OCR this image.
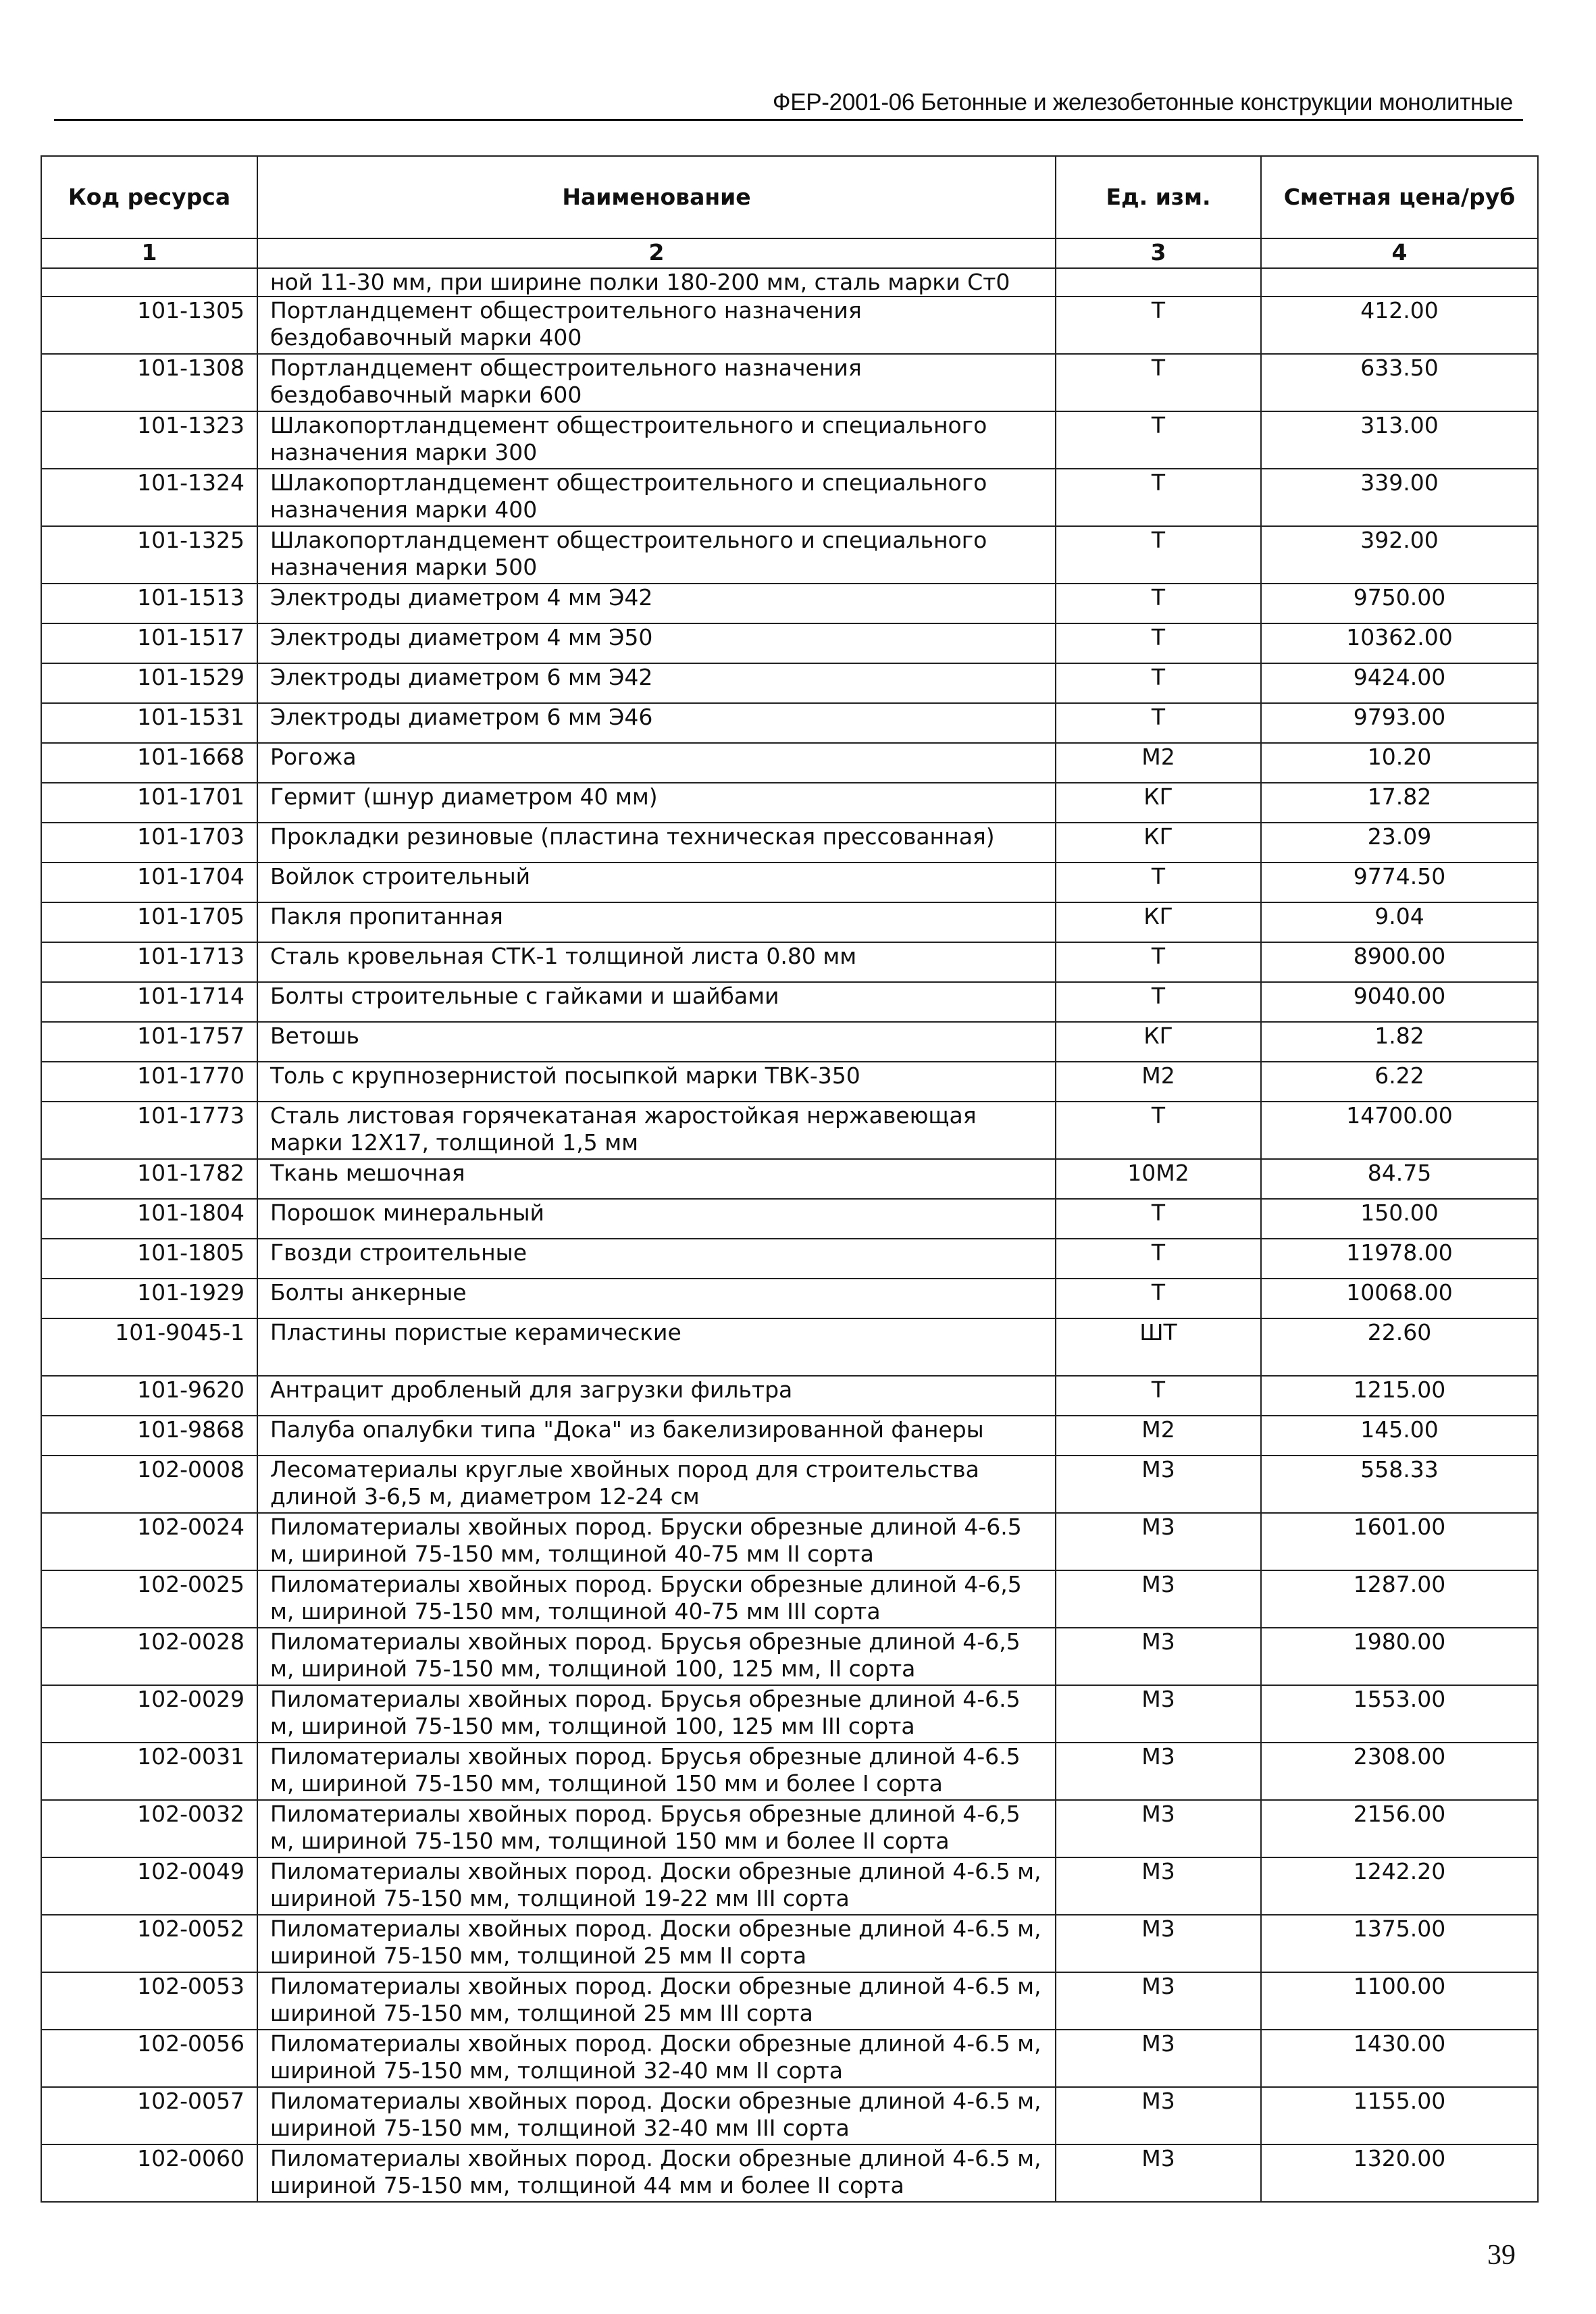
ФЕР-2001-06 Бетонные и железобетонные конструкции монолитные
Код ресурса	Наименование	Ед. изм.	Сметная цена/руб
1	2	3	4
	ной 11-30 мм, при ширине полки 180-200 мм, сталь марки Ст0		
101-1305	Портландцемент общестроительного назначения бездобавочный марки 400	Т	412.00
101-1308	Портландцемент общестроительного назначения бездобавочный марки 600	Т	633.50
101-1323	Шлакопортландцемент общестроительного и специального назначения марки 300	Т	313.00
101-1324	Шлакопортландцемент общестроительного и специального назначения марки 400	Т	339.00
101-1325	Шлакопортландцемент общестроительного и специального назначения марки 500	Т	392.00
101-1513	Электроды диаметром 4 мм Э42	Т	9750.00
101-1517	Электроды диаметром 4 мм Э50	Т	10362.00
101-1529	Электроды диаметром 6 мм Э42	Т	9424.00
101-1531	Электроды диаметром 6 мм Э46	Т	9793.00
101-1668	Рогожа	М2	10.20
101-1701	Гермит (шнур диаметром 40 мм)	КГ	17.82
101-1703	Прокладки резиновые (пластина техническая прессованная)	КГ	23.09
101-1704	Войлок строительный	Т	9774.50
101-1705	Пакля пропитанная	КГ	9.04
101-1713	Сталь кровельная СТК-1 толщиной листа 0.80 мм	Т	8900.00
101-1714	Болты строительные с гайками и шайбами	Т	9040.00
101-1757	Ветошь	КГ	1.82
101-1770	Толь с крупнозернистой посыпкой марки ТВК-350	М2	6.22
101-1773	Сталь листовая горячекатаная жаростойкая нержавеющая марки 12Х17, толщиной 1,5 мм	Т	14700.00
101-1782	Ткань мешочная	10М2	84.75
101-1804	Порошок минеральный	Т	150.00
101-1805	Гвозди строительные	Т	11978.00
101-1929	Болты анкерные	Т	10068.00
101-9045-1	Пластины пористые керамические	ШТ	22.60
101-9620	Антрацит дробленый для загрузки фильтра	Т	1215.00
101-9868	Палуба опалубки типа "Дока" из бакелизированной фанеры	М2	145.00
102-0008	Лесоматериалы круглые хвойных пород для строительства длиной 3-6,5 м, диаметром 12-24 см	М3	558.33
102-0024	Пиломатериалы хвойных пород. Бруски обрезные длиной 4-6.5 м, шириной 75-150 мм, толщиной 40-75 мм II сорта	М3	1601.00
102-0025	Пиломатериалы хвойных пород. Бруски обрезные длиной 4-6,5 м, шириной 75-150 мм, толщиной 40-75 мм III сорта	М3	1287.00
102-0028	Пиломатериалы хвойных пород. Брусья обрезные длиной 4-6,5 м, шириной 75-150 мм, толщиной 100, 125 мм, II сорта	М3	1980.00
102-0029	Пиломатериалы хвойных пород. Брусья обрезные длиной 4-6.5 м, шириной 75-150 мм, толщиной 100, 125 мм III сорта	М3	1553.00
102-0031	Пиломатериалы хвойных пород. Брусья обрезные длиной 4-6.5 м, шириной 75-150 мм, толщиной 150 мм и более I сорта	М3	2308.00
102-0032	Пиломатериалы хвойных пород. Брусья обрезные длиной 4-6,5 м, шириной 75-150 мм, толщиной 150 мм и более II сорта	М3	2156.00
102-0049	Пиломатериалы хвойных пород. Доски обрезные длиной 4-6.5 м, шириной 75-150 мм, толщиной 19-22 мм III сорта	М3	1242.20
102-0052	Пиломатериалы хвойных пород. Доски обрезные длиной 4-6.5 м, шириной 75-150 мм, толщиной 25 мм II сорта	М3	1375.00
102-0053	Пиломатериалы хвойных пород. Доски обрезные длиной 4-6.5 м, шириной 75-150 мм, толщиной 25 мм III сорта	М3	1100.00
102-0056	Пиломатериалы хвойных пород. Доски обрезные длиной 4-6.5 м, шириной 75-150 мм, толщиной 32-40 мм II сорта	М3	1430.00
102-0057	Пиломатериалы хвойных пород. Доски обрезные длиной 4-6.5 м, шириной 75-150 мм, толщиной 32-40 мм III сорта	М3	1155.00
102-0060	Пиломатериалы хвойных пород. Доски обрезные длиной 4-6.5 м, шириной 75-150 мм, толщиной 44 мм и более II сорта	М3	1320.00
39
